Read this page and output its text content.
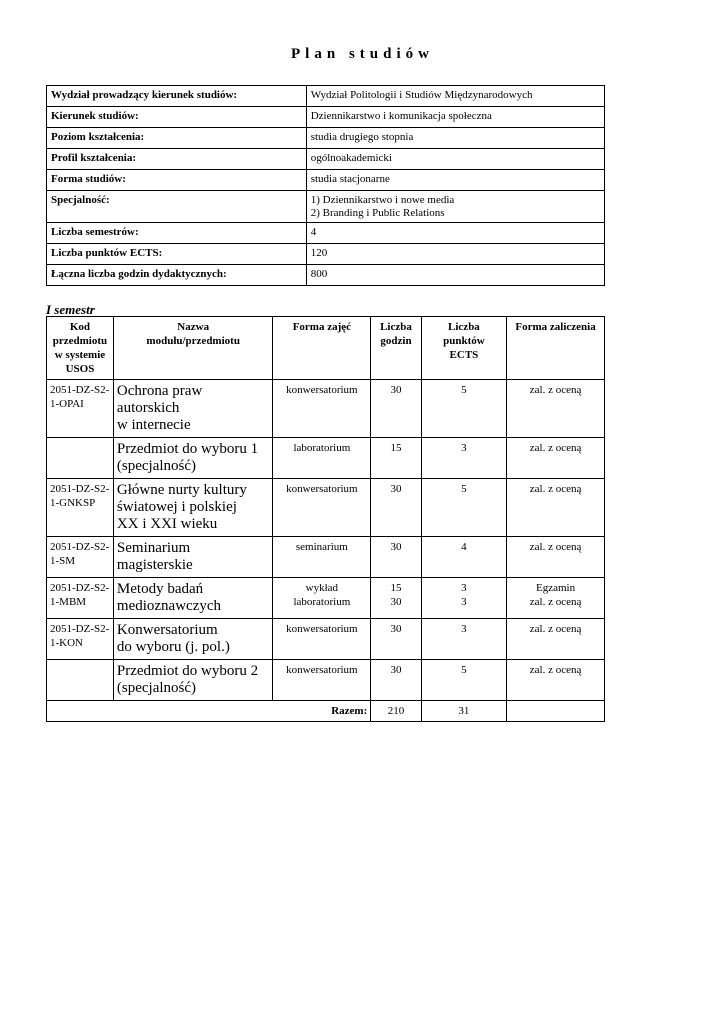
Plan studiów
Wydział prowadzący kierunek studiów:	Wydział Politologii i Studiów Międzynarodowych
Kierunek studiów:	Dziennikarstwo i komunikacja społeczna
Poziom kształcenia:	studia drugiego stopnia
Profil kształcenia:	ogólnoakademicki
Forma studiów:	studia stacjonarne
Specjalność:	1) Dziennikarstwo i nowe media
2) Branding i Public Relations

Liczba semestrów:	4
Liczba punktów ECTS:	120
Łączna liczba godzin dydaktycznych:	800
I semestr
Kod
przedmiotu
w systemie
USOS	Nazwa
modułu/przedmiotu	Forma zajęć	Liczba
godzin	Liczba
punktów
ECTS	Forma zaliczenia

2051-DZ-S2-
1-OPAI	Ochrona praw
autorskich
w internecie	konwersatorium	30	5	zal. z oceną

	Przedmiot do wyboru 1
(specjalność)	laboratorium	15	3	zal. z oceną

2051-DZ-S2-
1-GNKSP	Główne nurty kultury
światowej i polskiej
XX i XXI wieku	konwersatorium	30	5	zal. z oceną

2051-DZ-S2-
1-SM	Seminarium
magisterskie	seminarium	30	4	zal. z oceną

2051-DZ-S2-
1-MBM	Metody badań
medioznawczych	wykład
laboratorium	15
30	3
3	Egzamin
zal. z oceną

2051-DZ-S2-
1-KON	Konwersatorium
do wyboru (j. pol.)	konwersatorium	30	3	zal. z oceną

	Przedmiot do wyboru 2
(specjalność)	konwersatorium	30	5	zal. z oceną

Razem:			210	31	
